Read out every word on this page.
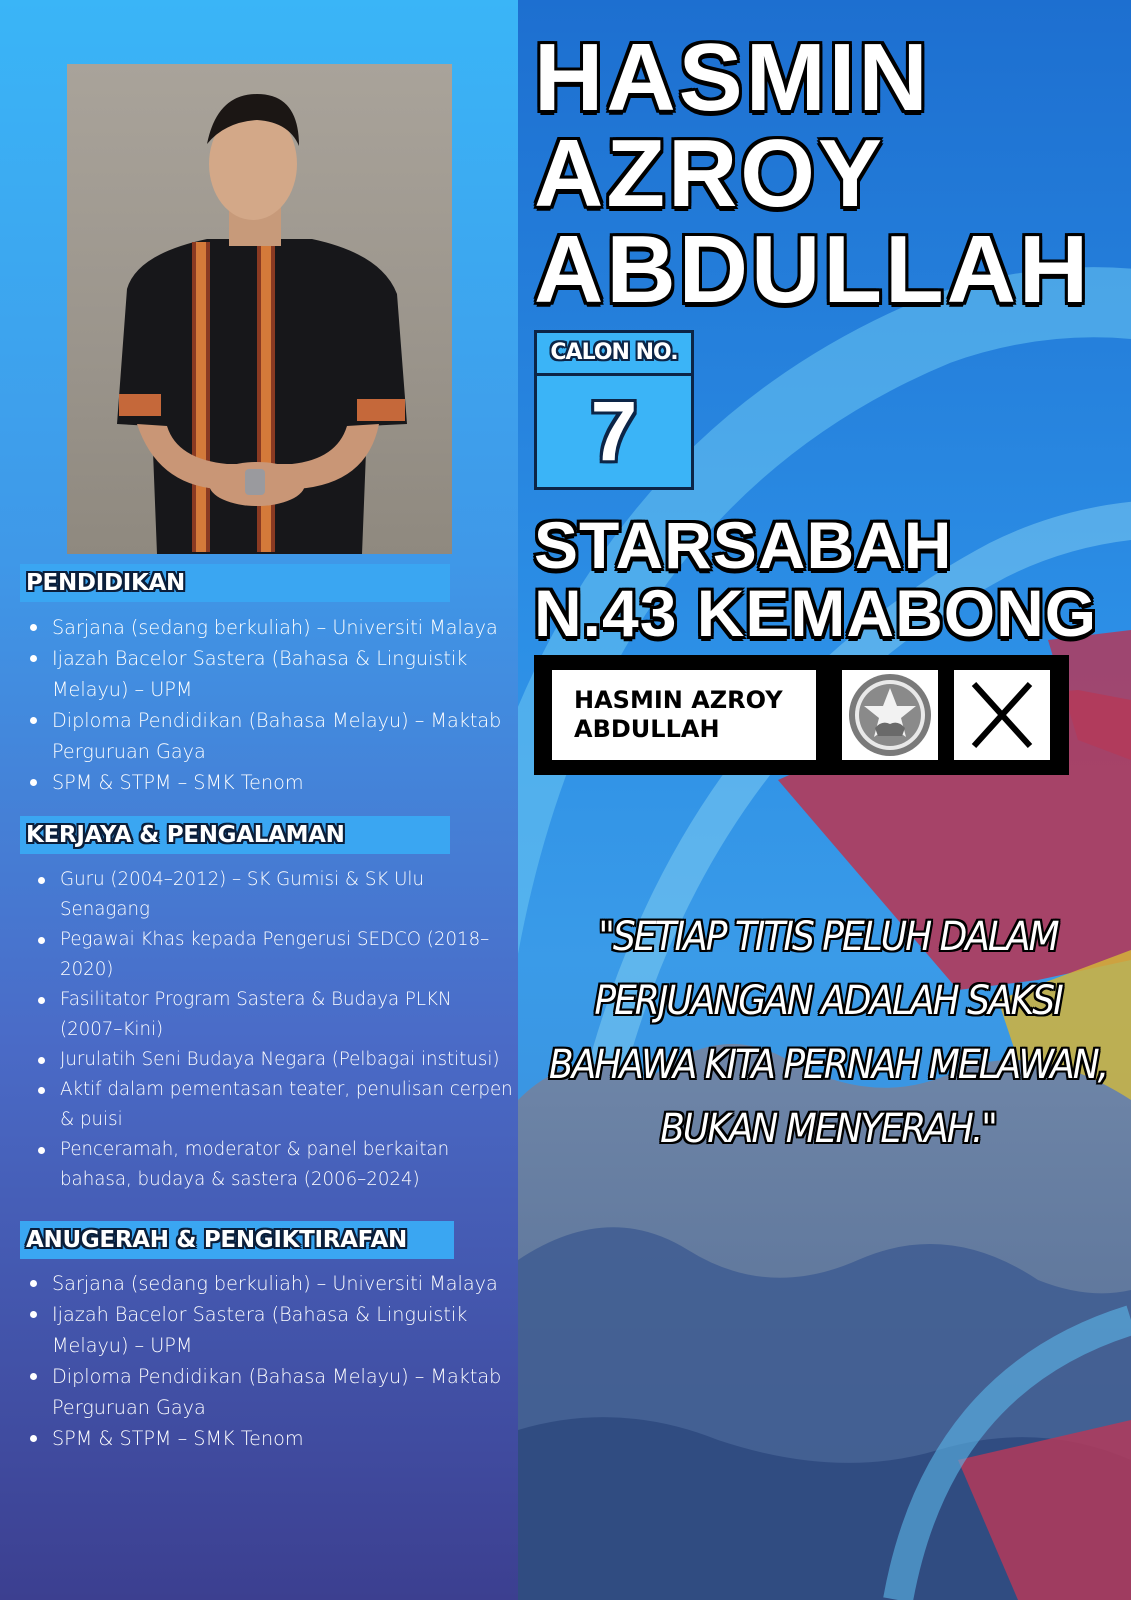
PENDIDIKAN
Sarjana (sedang berkuliah) – Universiti Malaya
Ijazah Bacelor Sastera (Bahasa & Linguistik Melayu) – UPM
Diploma Pendidikan (Bahasa Melayu) – Maktab Perguruan Gaya
SPM & STPM – SMK Tenom
KERJAYA & PENGALAMAN
Guru (2004–2012) – SK Gumisi & SK Ulu Senagang
Pegawai Khas kepada Pengerusi SEDCO (2018–2020)
Fasilitator Program Sastera & Budaya PLKN (2007–Kini)
Jurulatih Seni Budaya Negara (Pelbagai institusi)
Aktif dalam pementasan teater, penulisan cerpen & puisi
Penceramah, moderator & panel berkaitan bahasa, budaya & sastera (2006–2024)
ANUGERAH & PENGIKTIRAFAN
Sarjana (sedang berkuliah) – Universiti Malaya
Ijazah Bacelor Sastera (Bahasa & Linguistik Melayu) – UPM
Diploma Pendidikan (Bahasa Melayu) – Maktab Perguruan Gaya
SPM & STPM – SMK Tenom
HASMIN
AZROY
ABDULLAH
CALON NO.
7
STARSABAH
N.43 KEMABONG
HASMIN AZROY
ABDULLAH
"SETIAP TITIS PELUH DALAM
PERJUANGAN ADALAH SAKSI
BAHAWA KITA PERNAH MELAWAN,
BUKAN MENYERAH."
